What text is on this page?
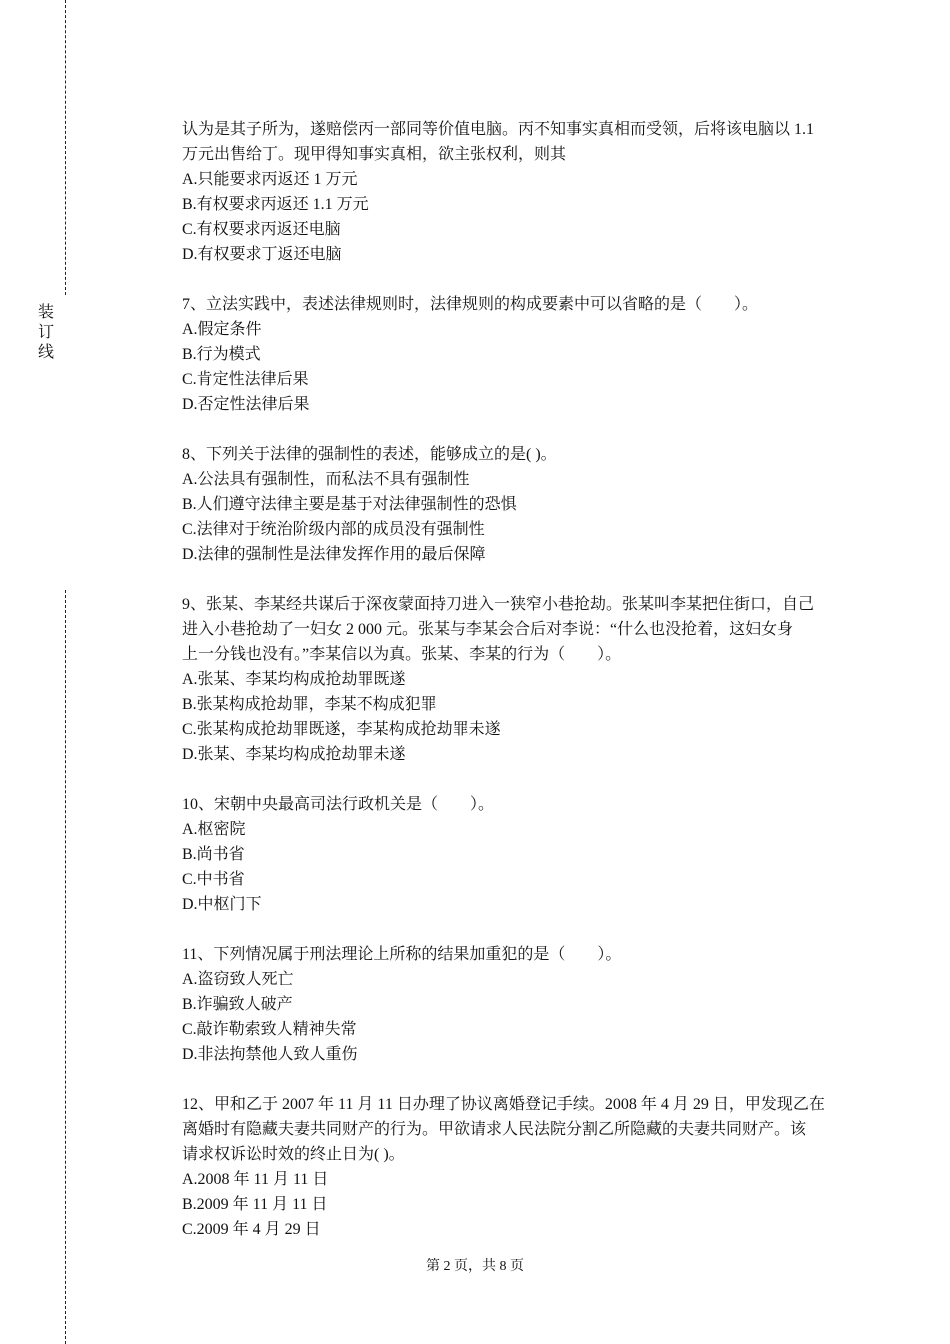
装
订
线

认为是其子所为，遂赔偿丙一部同等价值电脑。丙不知事实真相而受领，后将该电脑以 1.1

万元出售给丁。现甲得知事实真相，欲主张权利，则其

A.只能要求丙返还 1 万元

B.有权要求丙返还 1.1 万元

C.有权要求丙返还电脑

D.有权要求丁返还电脑

7、立法实践中，表述法律规则时，法律规则的构成要素中可以省略的是（　　）。

A.假定条件

B.行为模式

C.肯定性法律后果

D.否定性法律后果

8、下列关于法律的强制性的表述，能够成立的是( )。

A.公法具有强制性，而私法不具有强制性

B.人们遵守法律主要是基于对法律强制性的恐惧

C.法律对于统治阶级内部的成员没有强制性

D.法律的强制性是法律发挥作用的最后保障

9、张某、李某经共谋后于深夜蒙面持刀进入一狭窄小巷抢劫。张某叫李某把住街口，自己

进入小巷抢劫了一妇女 2 000 元。张某与李某会合后对李说：“什么也没抢着，这妇女身

上一分钱也没有。”李某信以为真。张某、李某的行为（　　）。

A.张某、李某均构成抢劫罪既遂

B.张某构成抢劫罪，李某不构成犯罪

C.张某构成抢劫罪既遂，李某构成抢劫罪未遂

D.张某、李某均构成抢劫罪未遂

10、宋朝中央最高司法行政机关是（　　）。

A.枢密院

B.尚书省

C.中书省

D.中枢门下

11、下列情况属于刑法理论上所称的结果加重犯的是（　　）。

A.盗窃致人死亡

B.诈骗致人破产

C.敲诈勒索致人精神失常

D.非法拘禁他人致人重伤

12、甲和乙于 2007 年 11 月 11 日办理了协议离婚登记手续。2008 年 4 月 29 日，甲发现乙在

离婚时有隐藏夫妻共同财产的行为。甲欲请求人民法院分割乙所隐藏的夫妻共同财产。该

请求权诉讼时效的终止日为( )。

A.2008 年 11 月 11 日

B.2009 年 11 月 11 日

C.2009 年 4 月 29 日

第 2 页，共 8 页
